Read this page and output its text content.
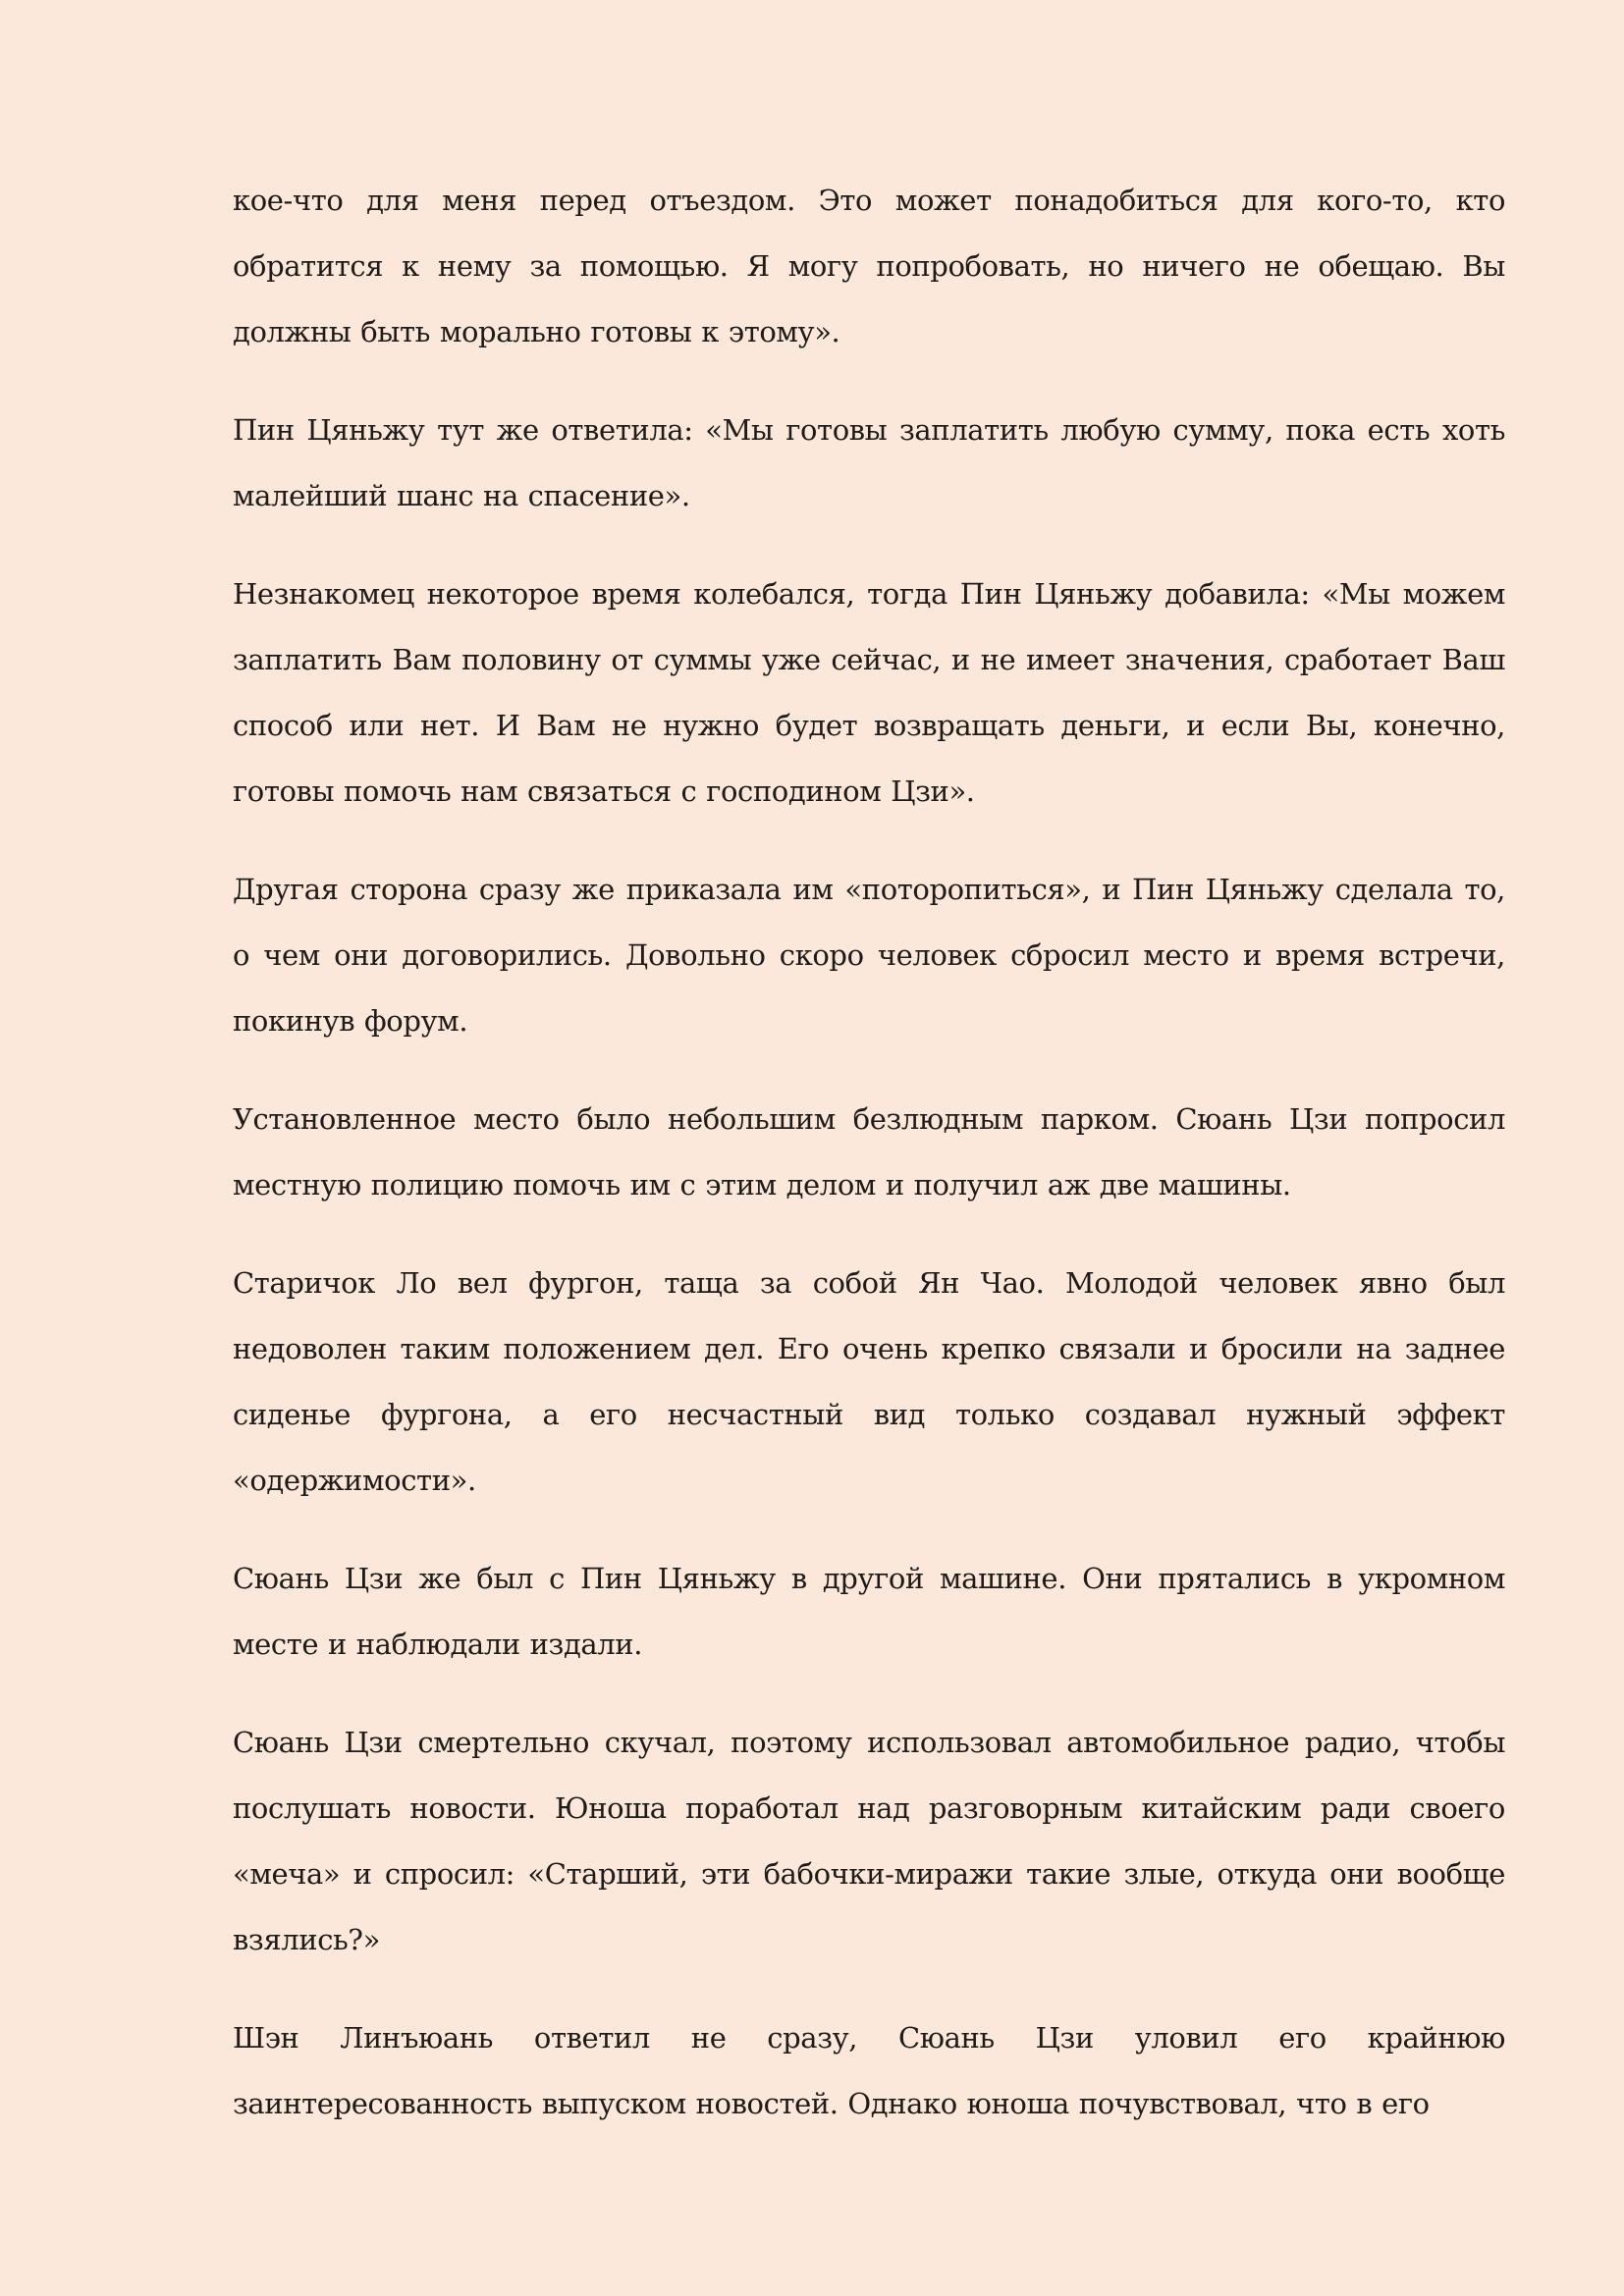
кое-что для меня перед отъездом. Это может понадобиться для кого-то, кто обратится к нему за помощью. Я могу попробовать, но ничего не обещаю. Вы должны быть морально готовы к этому».

Пин Цяньжу тут же ответила: «Мы готовы заплатить любую сумму, пока есть хоть малейший шанс на спасение».

Незнакомец некоторое время колебался, тогда Пин Цяньжу добавила: «Мы можем заплатить Вам половину от суммы уже сейчас, и не имеет значения, сработает Ваш способ или нет. И Вам не нужно будет возвращать деньги, и если Вы, конечно, готовы помочь нам связаться с господином Цзи».

Другая сторона сразу же приказала им «поторопиться», и Пин Цяньжу сделала то, о чем они договорились. Довольно скоро человек сбросил место и время встречи, покинув форум.

Установленное место было небольшим безлюдным парком. Сюань Цзи попросил местную полицию помочь им с этим делом и получил аж две машины.

Старичок Ло вел фургон, таща за собой Ян Чао. Молодой человек явно был недоволен таким положением дел. Его очень крепко связали и бросили на заднее сиденье фургона, а его несчастный вид только создавал нужный эффект «одержимости».

Сюань Цзи же был с Пин Цяньжу в другой машине. Они прятались в укромном месте и наблюдали издали.

Сюань Цзи смертельно скучал, поэтому использовал автомобильное радио, чтобы послушать новости. Юноша поработал над разговорным китайским ради своего «меча» и спросил: «Старший, эти бабочки-миражи такие злые, откуда они вообще взялись?»

Шэн Линъюань ответил не сразу, Сюань Цзи уловил его крайнюю заинтересованность выпуском новостей. Однако юноша почувствовал, что в его
